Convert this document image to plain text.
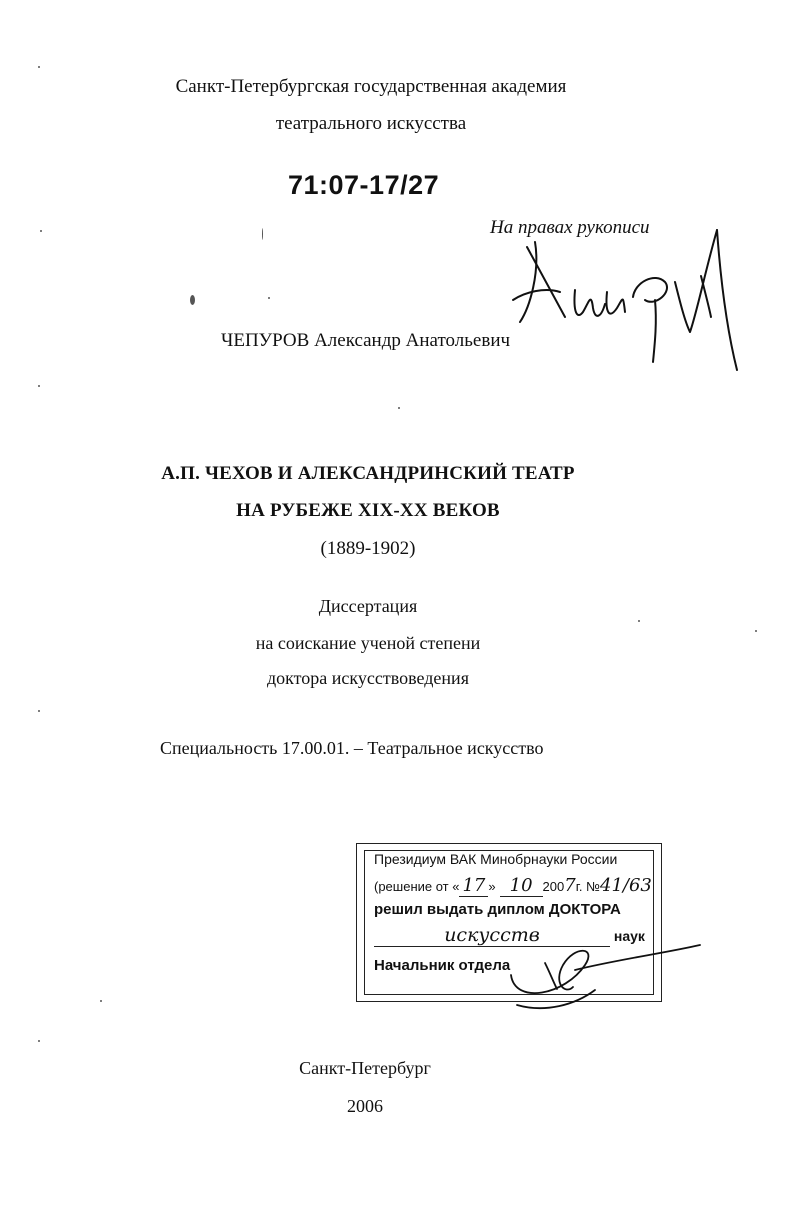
Санкт-Петербургская государственная академия
театрального искусства
71:07-17/27
На правах рукописи
ЧЕПУРОВ Александр Анатольевич
А.П. ЧЕХОВ И АЛЕКСАНДРИНСКИЙ ТЕАТР
НА РУБЕЖЕ XIX-XX ВЕКОВ
(1889-1902)
Диссертация
на соискание ученой степени
доктора искусствоведения
Специальность 17.00.01. – Театральное искусство
Президиум ВАК Минобрнауки России
(решение от « 17 » 10 2007г. №41/63
решил выдать диплом ДОКТОРА
искусств	наук
Начальник отдела
Санкт-Петербург
2006
